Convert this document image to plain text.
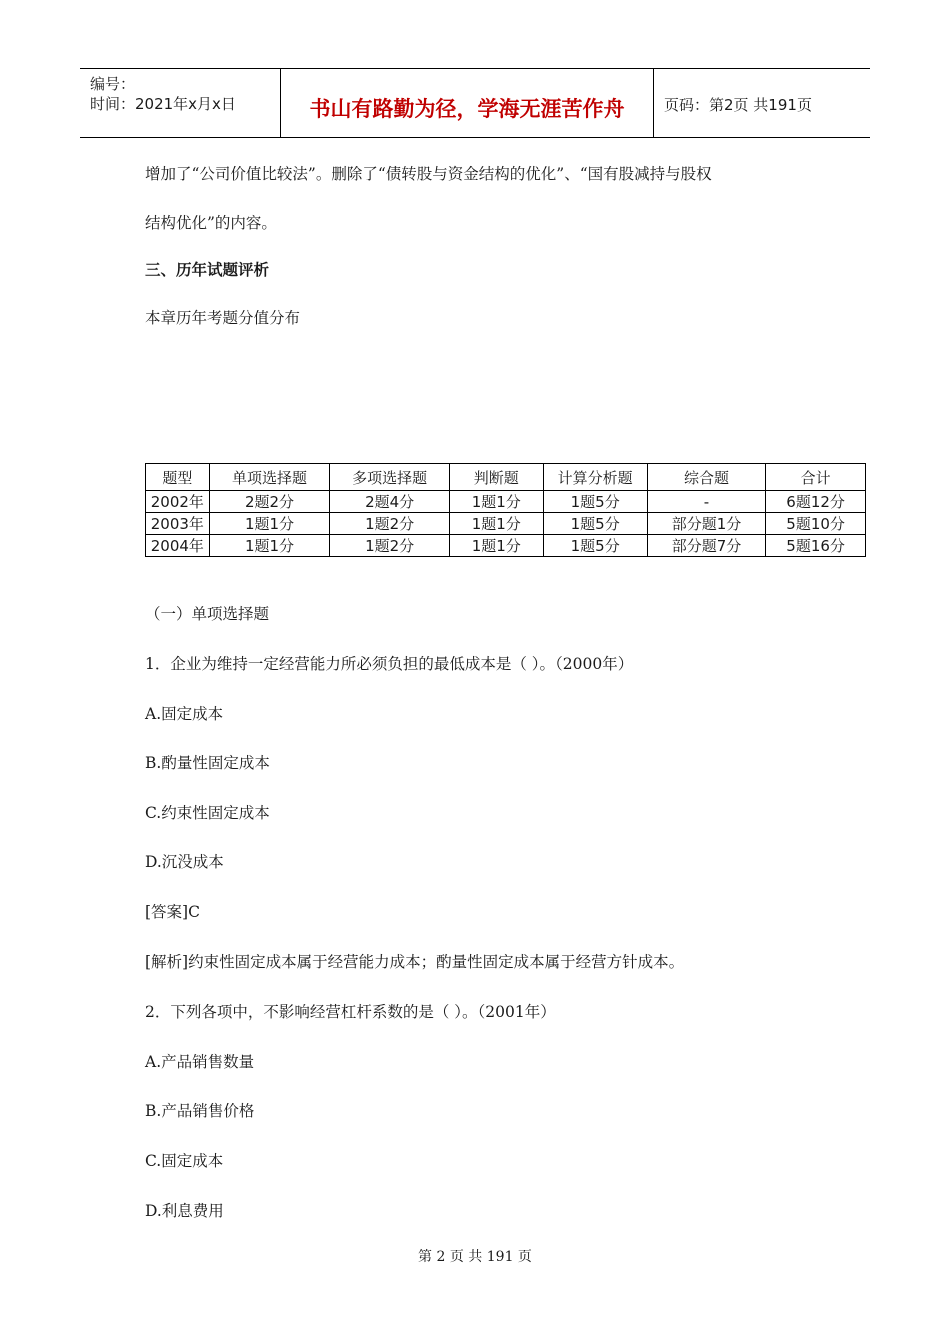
编号：
时间：2021年x月x日	书山有路勤为径，学海无涯苦作舟	页码：第2页 共191页
增加了“公司价值比较法”。删除了“债转股与资金结构的优化”、“国有股减持与股权
结构优化”的内容。
三、历年试题评析
本章历年考题分值分布
题型	单项选择题	多项选择题	判断题	计算分析题	综合题	合计
2002年	2题2分	2题4分	1题1分	1题5分	-	6题12分
2003年	1题1分	1题2分	1题1分	1题5分	部分题1分	5题10分
2004年	1题1分	1题2分	1题1分	1题5分	部分题7分	5题16分
（一）单项选择题
1．企业为维持一定经营能力所必须负担的最低成本是（ ）。（2000年）
A.固定成本
B.酌量性固定成本
C.约束性固定成本
D.沉没成本
[答案]C
[解析]约束性固定成本属于经营能力成本；酌量性固定成本属于经营方针成本。
2．下列各项中，不影响经营杠杆系数的是（ ）。（2001年）
A.产品销售数量
B.产品销售价格
C.固定成本
D.利息费用
第 2 页 共 191 页
